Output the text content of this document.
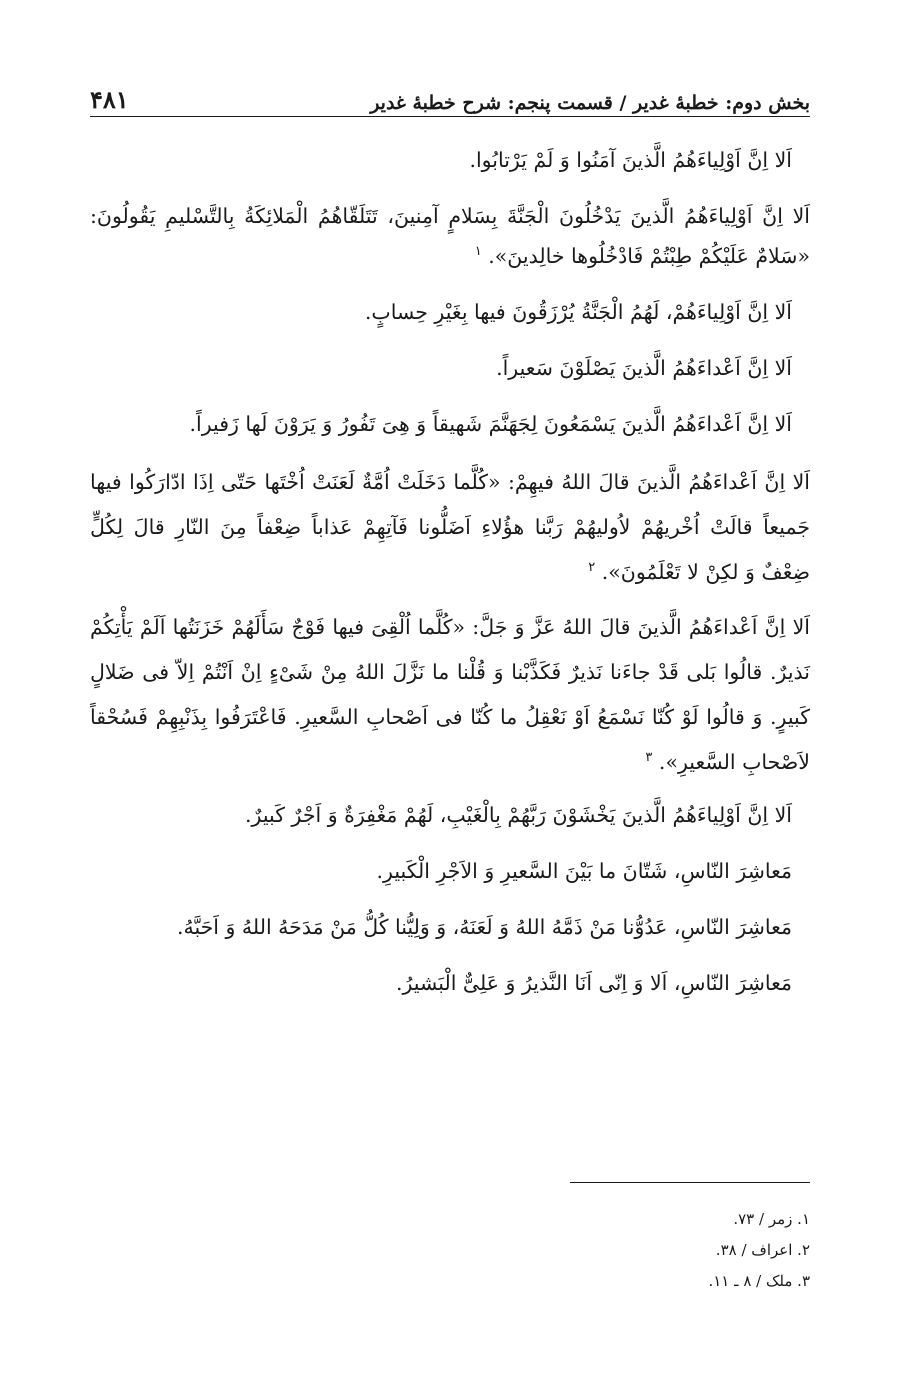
بخش دوم: خطبهٔ غدیر / قسمت پنجم: شرح خطبهٔ غدیر
۴۸۱

اَلا اِنَّ اَوْلِیاءَهُمُ الَّذینَ آمَنُوا وَ لَمْ یَرْتابُوا.

اَلا اِنَّ اَوْلِیاءَهُمُ الَّذینَ یَدْخُلُونَ الْجَنَّةَ بِسَلامٍ آمِنینَ، تَتَلَقّاهُمُ الْمَلائِکَةُ بِالتَّسْلیمِ یَقُولُونَ: «سَلامٌ عَلَیْکُمْ طِبْتُمْ فَادْخُلُوها خالِدینَ». $^۱$

اَلا اِنَّ اَوْلِیاءَهُمْ، لَهُمُ الْجَنَّةُ یُرْزَقُونَ فیها بِغَیْرِ حِسابٍ.

اَلا اِنَّ اَعْداءَهُمُ الَّذینَ یَصْلَوْنَ سَعیراً.

اَلا اِنَّ اَعْداءَهُمُ الَّذینَ یَسْمَعُونَ لِجَهَنَّمَ شَهیقاً وَ هِیَ تَفُورُ وَ یَرَوْنَ لَها زَفیراً.

اَلا اِنَّ اَعْداءَهُمُ الَّذینَ قالَ اللهُ فیهِمْ: «کُلَّما دَخَلَتْ اُمَّةٌ لَعَنَتْ اُخْتَها حَتّی اِذَا ادّارَکُوا فیها جَمیعاً قالَتْ اُخْریهُمْ لاُولیهُمْ رَبَّنا هؤُلاءِ اَضَلُّونا فَآتِهِمْ عَذاباً ضِعْفاً مِنَ النّارِ قالَ لِکُلٍّ ضِعْفٌ وَ لکِنْ لا تَعْلَمُونَ». $^۲$

اَلا اِنَّ اَعْداءَهُمُ الَّذینَ قالَ اللهُ عَزَّ وَ جَلَّ: «کُلَّما اُلْقِیَ فیها فَوْجٌ سَأَلَهُمْ خَزَنَتُها اَلَمْ یَأْتِکُمْ نَذیرٌ. قالُوا بَلی قَدْ جاءَنا نَذیرٌ فَکَذَّبْنا وَ قُلْنا ما نَزَّلَ اللهُ مِنْ شَیْءٍ اِنْ اَنْتُمْ اِلاّ فی ضَلالٍ کَبیرٍ. وَ قالُوا لَوْ کُنّا نَسْمَعُ اَوْ نَعْقِلُ ما کُنّا فی اَصْحابِ السَّعیرِ. فَاعْتَرَفُوا بِذَنْبِهِمْ فَسُحْقاً لاَصْحابِ السَّعیرِ». $^۳$

اَلا اِنَّ اَوْلِیاءَهُمُ الَّذینَ یَخْشَوْنَ رَبَّهُمْ بِالْغَیْبِ، لَهُمْ مَغْفِرَةٌ وَ اَجْرٌ کَبیرٌ.

مَعاشِرَ النّاسِ، شَتّانَ ما بَیْنَ السَّعیرِ وَ الاَجْرِ الْکَبیرِ.

مَعاشِرَ النّاسِ، عَدُوُّنا مَنْ ذَمَّهُ اللهُ وَ لَعَنَهُ، وَ وَلِیُّنا کُلُّ مَنْ مَدَحَهُ اللهُ وَ اَحَبَّهُ.

مَعاشِرَ النّاسِ، اَلا وَ اِنّی اَنَا النَّذیرُ وَ عَلِیٌّ الْبَشیرُ.

۱. زمر / ۷۳.
۲. اعراف / ۳۸.
۳. ملک / ۸ ـ ۱۱.
